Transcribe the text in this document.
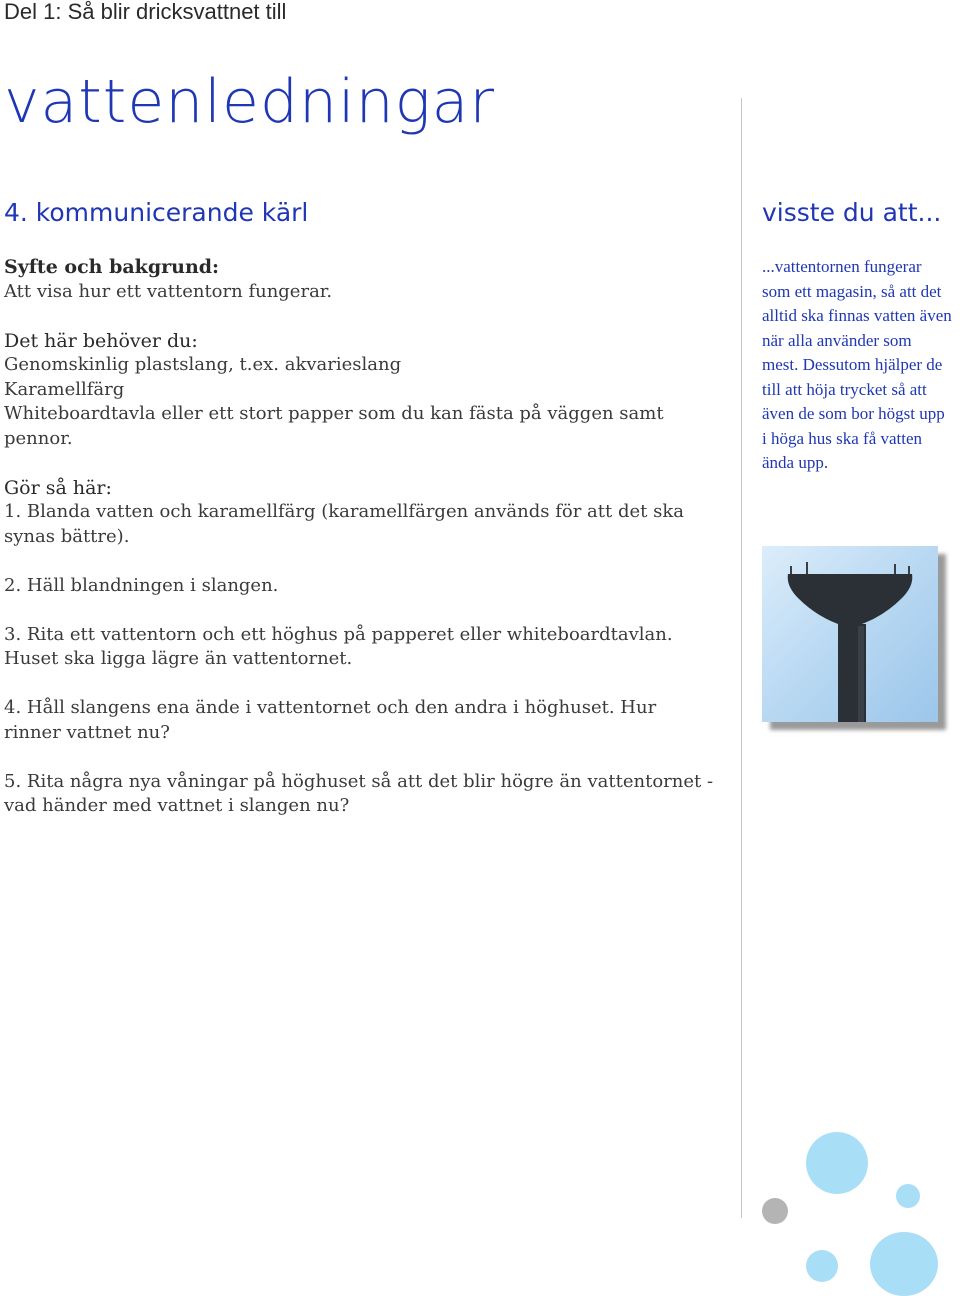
Del 1: Så blir dricksvattnet till
vattenledningar
4. kommunicerande kärl

Syfte och bakgrund:

Att visa hur ett vattentorn fungerar.

Det här behöver du:

Genomskinlig plastslang, t.ex. akvarieslang

Karamellfärg

Whiteboardtavla eller ett stort papper som du kan fästa på väggen samt pennor.

Gör så här:

1. Blanda vatten och karamellfärg (karamellfärgen används för att det ska synas bättre).

2. Häll blandningen i slangen.

3. Rita ett vattentorn och ett höghus på papperet eller whiteboardtavlan. Huset ska ligga lägre än vattentornet.

4. Håll slangens ena ände i vattentornet och den andra i höghuset. Hur rinner vattnet nu?

5. Rita några nya våningar på höghuset så att det blir högre än vattentornet - vad händer med vattnet i slangen nu?

visste du att...
...vattentornen fungerar som ett magasin, så att det alltid ska finnas vatten även när alla använder som mest. Dessutom hjälper de till att höja trycket så att även de som bor högst upp i höga hus ska få vatten ända upp.
